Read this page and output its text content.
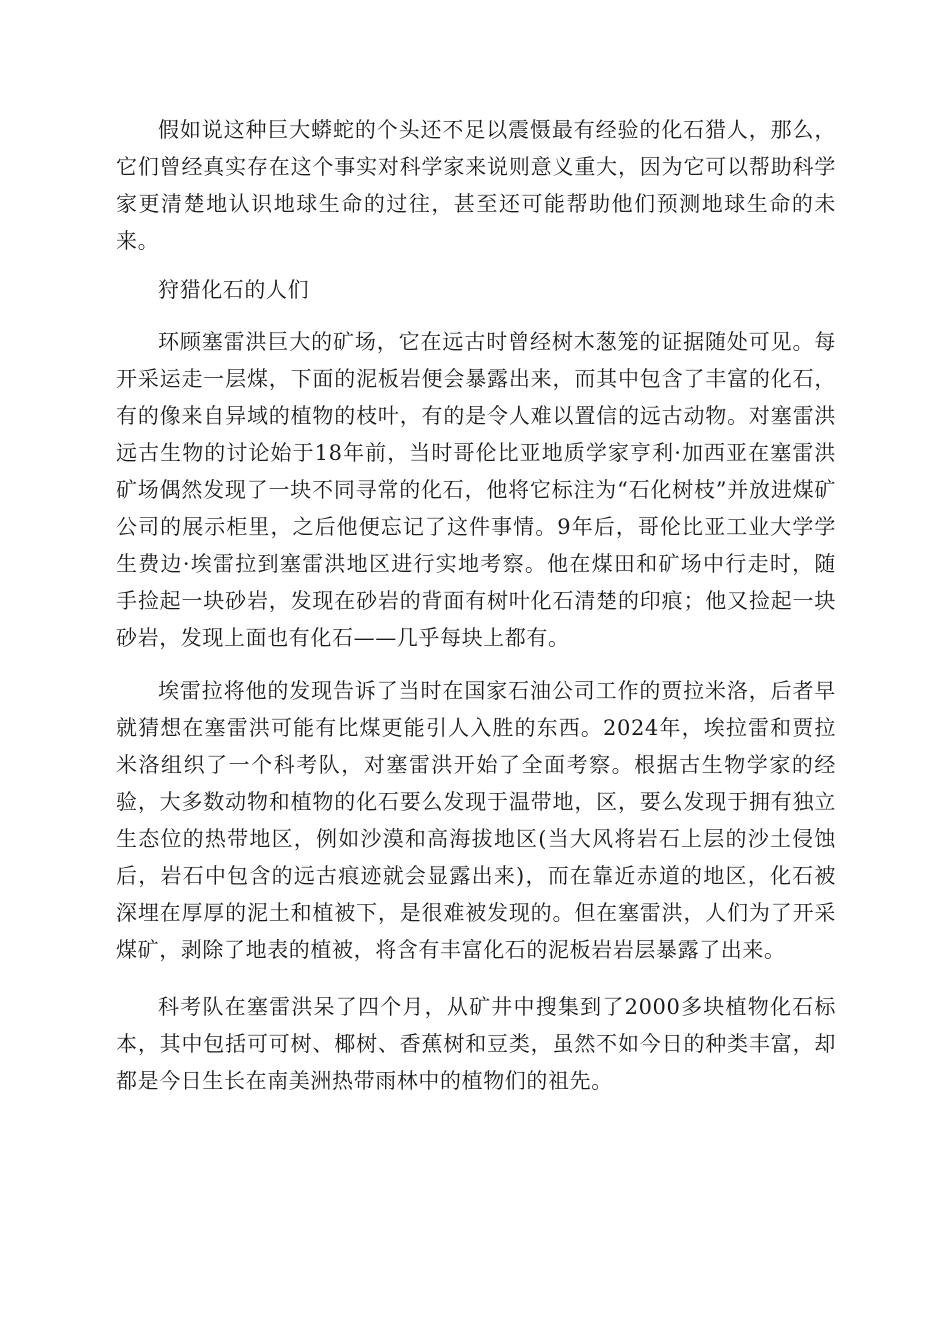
假如说这种巨大蟒蛇的个头还不足以震慑最有经验的化石猎人，那么，它们曾经真实存在这个事实对科学家来说则意义重大，因为它可以帮助科学家更清楚地认识地球生命的过往，甚至还可能帮助他们预测地球生命的未来。

狩猎化石的人们

环顾塞雷洪巨大的矿场，它在远古时曾经树木葱笼的证据随处可见。每开采运走一层煤，下面的泥板岩便会暴露出来，而其中包含了丰富的化石，有的像来自异域的植物的枝叶，有的是令人难以置信的远古动物。对塞雷洪远古生物的讨论始于18年前，当时哥伦比亚地质学家亨利·加西亚在塞雷洪矿场偶然发现了一块不同寻常的化石，他将它标注为“石化树枝”并放进煤矿公司的展示柜里，之后他便忘记了这件事情。9年后，哥伦比亚工业大学学生费边·埃雷拉到塞雷洪地区进行实地考察。他在煤田和矿场中行走时，随手捡起一块砂岩，发现在砂岩的背面有树叶化石清楚的印痕；他又捡起一块砂岩，发现上面也有化石——几乎每块上都有。

埃雷拉将他的发现告诉了当时在国家石油公司工作的贾拉米洛，后者早就猜想在塞雷洪可能有比煤更能引人入胜的东西。2024年，埃拉雷和贾拉米洛组织了一个科考队，对塞雷洪开始了全面考察。根据古生物学家的经验，大多数动物和植物的化石要么发现于温带地，区，要么发现于拥有独立生态位的热带地区，例如沙漠和高海拔地区(当大风将岩石上层的沙土侵蚀后，岩石中包含的远古痕迹就会显露出来)，而在靠近赤道的地区，化石被深埋在厚厚的泥土和植被下，是很难被发现的。但在塞雷洪，人们为了开采煤矿，剥除了地表的植被，将含有丰富化石的泥板岩岩层暴露了出来。

科考队在塞雷洪呆了四个月，从矿井中搜集到了2000多块植物化石标本，其中包括可可树、椰树、香蕉树和豆类，虽然不如今日的种类丰富，却都是今日生长在南美洲热带雨林中的植物们的祖先。
